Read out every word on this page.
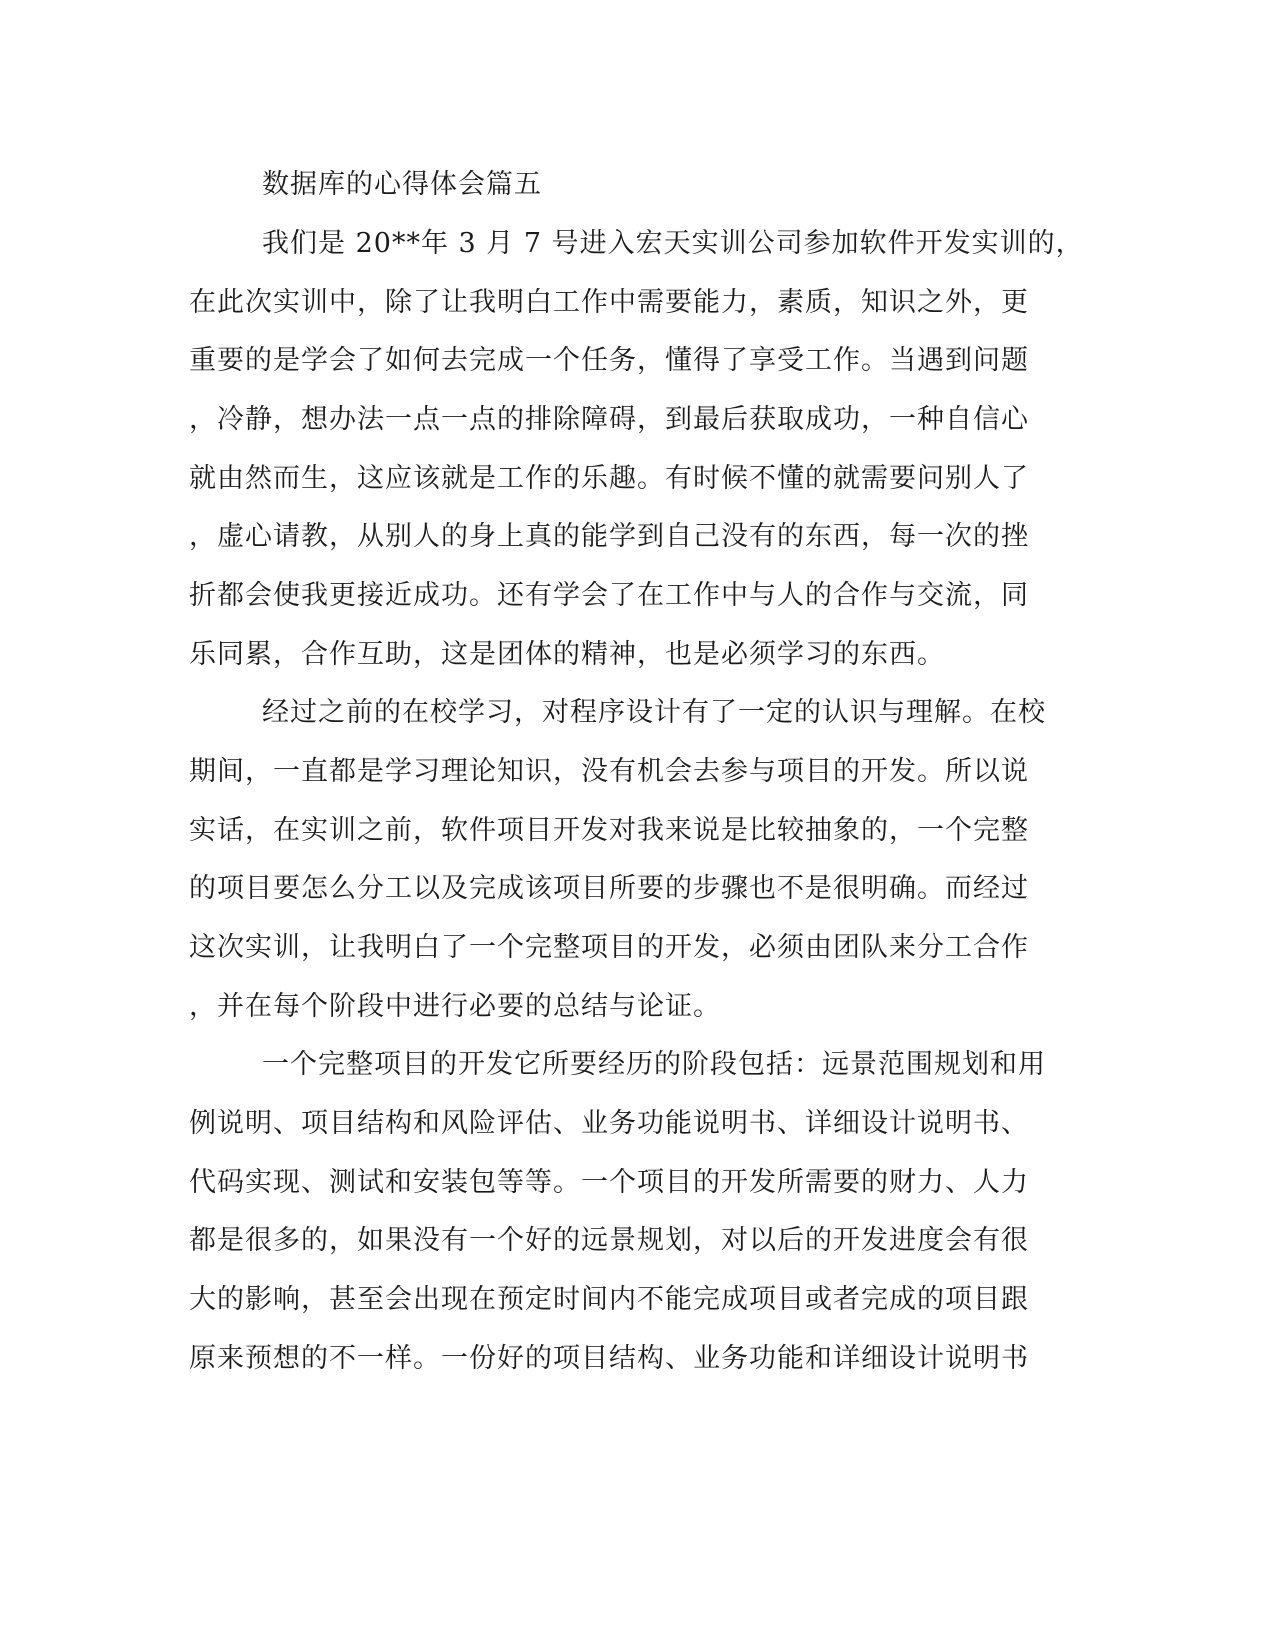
数据库的心得体会篇五
我们是 20**年 3 月 7 号进入宏天实训公司参加软件开发实训的，
在此次实训中，除了让我明白工作中需要能力，素质，知识之外，更
重要的是学会了如何去完成一个任务，懂得了享受工作。当遇到问题
，冷静，想办法一点一点的排除障碍，到最后获取成功，一种自信心
就由然而生，这应该就是工作的乐趣。有时候不懂的就需要问别人了
，虚心请教，从别人的身上真的能学到自己没有的东西，每一次的挫
折都会使我更接近成功。还有学会了在工作中与人的合作与交流，同
乐同累，合作互助，这是团体的精神，也是必须学习的东西。
经过之前的在校学习，对程序设计有了一定的认识与理解。在校
期间，一直都是学习理论知识，没有机会去参与项目的开发。所以说
实话，在实训之前，软件项目开发对我来说是比较抽象的，一个完整
的项目要怎么分工以及完成该项目所要的步骤也不是很明确。而经过
这次实训，让我明白了一个完整项目的开发，必须由团队来分工合作
，并在每个阶段中进行必要的总结与论证。
一个完整项目的开发它所要经历的阶段包括：远景范围规划和用
例说明、项目结构和风险评估、业务功能说明书、详细设计说明书、
代码实现、测试和安装包等等。一个项目的开发所需要的财力、人力
都是很多的，如果没有一个好的远景规划，对以后的开发进度会有很
大的影响，甚至会出现在预定时间内不能完成项目或者完成的项目跟
原来预想的不一样。一份好的项目结构、业务功能和详细设计说明书
